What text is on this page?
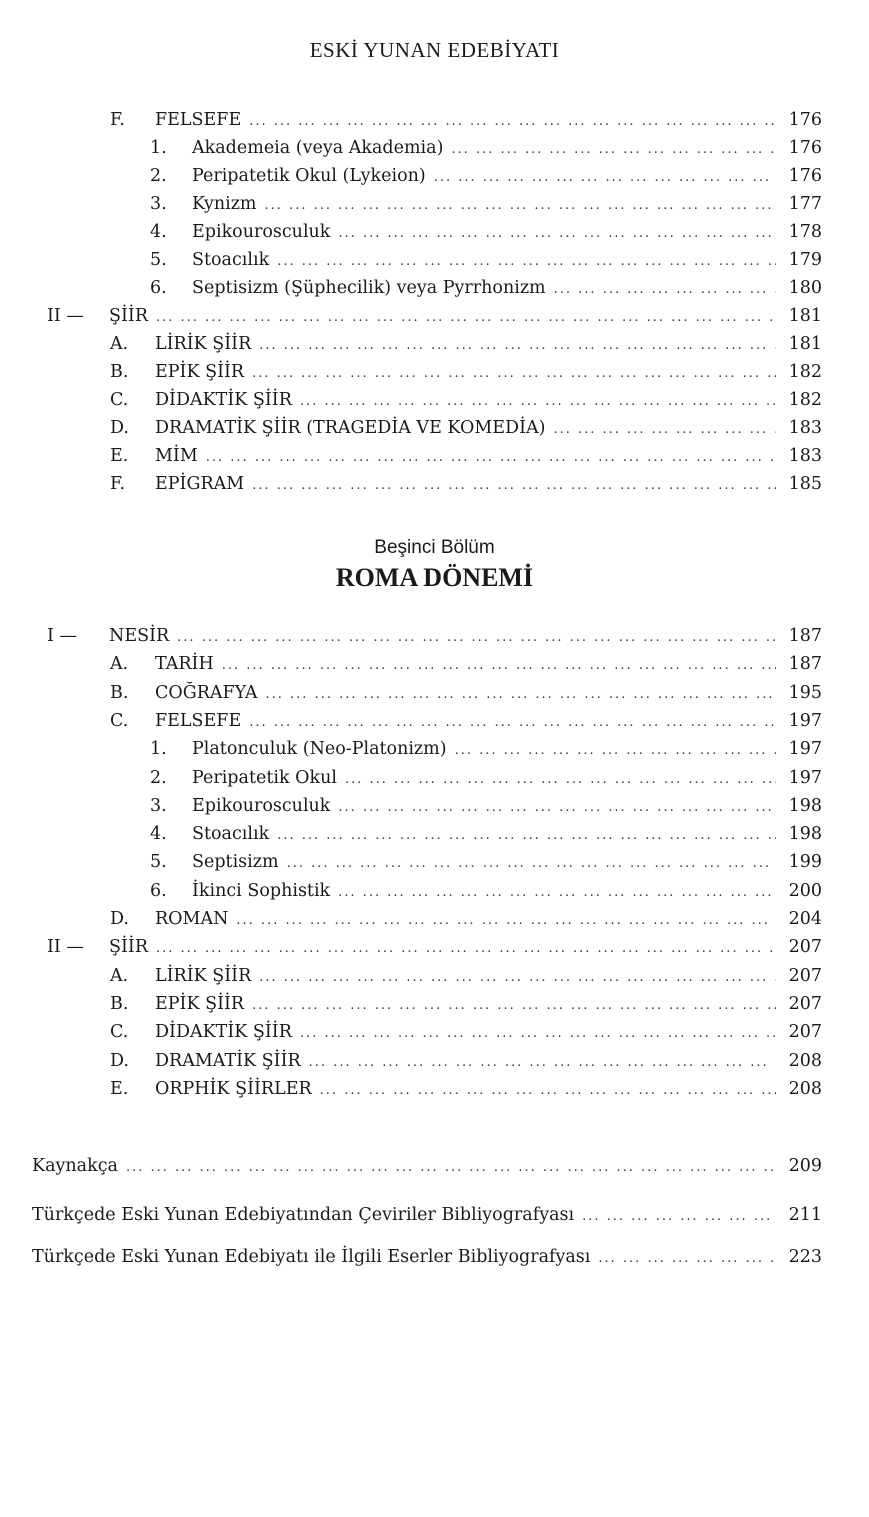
ESKİ YUNAN EDEBİYATI
F.	FELSEFE ... .	176
1.	Akademeia (veya Akademia) ... .	176
2.	Peripatetik Okul (Lykeion) ... .	176
3.	Kynizm ... .	177
4.	Epikourosculuk ... .	178
5.	Stoacılık ... .	179
6.	Septisizm (Şüphecilik) veya Pyrrhonizm ... .	180
II —	ŞİİR ... .	181
A.	LİRİK ŞİİR ... .	181
B.	EPİK ŞİİR ... .	182
C.	DİDAKTİK ŞİİR ... .	182
D.	DRAMATİK ŞİİR (TRAGEDİA VE KOMEDİA) ... .	183
E.	MİM ... .	183
F.	EPİGRAM ... .	185
Beşinci Bölüm
ROMA DÖNEMİ
I —	NESİR ... .	187
A.	TARİH ... .	187
B.	COĞRAFYA ... .	195
C.	FELSEFE ... .	197
1.	Platonculuk (Neo-Platonizm) ... .	197
2.	Peripatetik Okul ... .	197
3.	Epikourosculuk ... .	198
4.	Stoacılık ... .	198
5.	Septisizm ... .	199
6.	İkinci Sophistik ... .	200
D.	ROMAN ... .	204
II —	ŞİİR ... .	207
A.	LİRİK ŞİİR ... .	207
B.	EPİK ŞİİR ... .	207
C.	DİDAKTİK ŞİİR ... .	207
D.	DRAMATİK ŞİİR ... .	208
E.	ORPHİK ŞİİRLER ... .	208
Kaynakça ... .	209
Türkçede Eski Yunan Edebiyatından Çeviriler Bibliyografyası ... .	211
Türkçede Eski Yunan Edebiyatı ile İlgili Eserler Bibliyografyası ... .	223
